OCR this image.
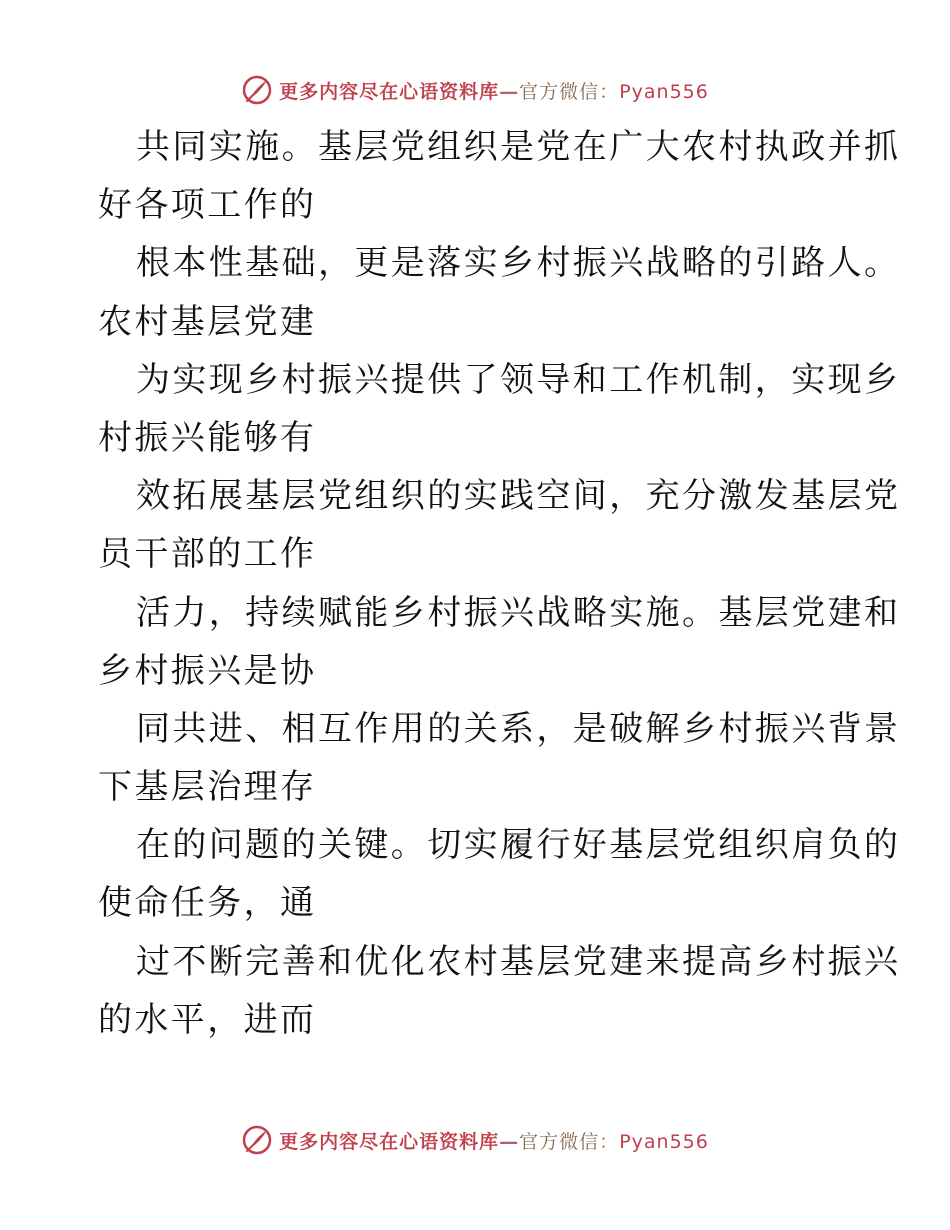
更多内容尽在心语资料库—官方微信：Pyan556
共同实施。基层党组织是党在广大农村执政并抓
好各项工作的
根本性基础，更是落实乡村振兴战略的引路人。
农村基层党建
为实现乡村振兴提供了领导和工作机制，实现乡
村振兴能够有
效拓展基层党组织的实践空间，充分激发基层党
员干部的工作
活力，持续赋能乡村振兴战略实施。基层党建和
乡村振兴是协
同共进、相互作用的关系，是破解乡村振兴背景
下基层治理存
在的问题的关键。切实履行好基层党组织肩负的
使命任务，通
过不断完善和优化农村基层党建来提高乡村振兴
的水平，进而
更多内容尽在心语资料库—官方微信：Pyan556
